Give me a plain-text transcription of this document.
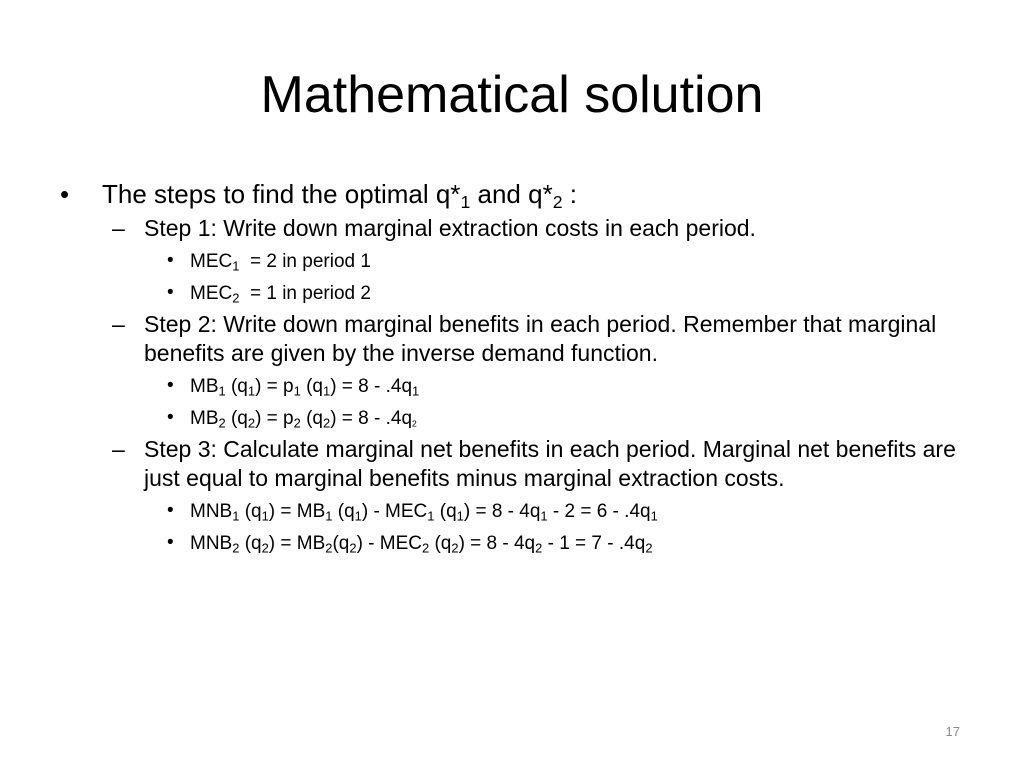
Mathematical solution
• The steps to find the optimal $q*_1$ and $q*_2$ :
– Step 1: Write down marginal extraction costs in each period.
• $MEC_1 = 2$ in period 1
• $MEC_2 = 1$ in period 2
– Step 2: Write down marginal benefits in each period. Remember that marginal benefits are given by the inverse demand function.
• $MB_1$ $(q_1) = p_1$ $(q_1) = 8 - .4q_1$
• $MB_2$ $(q_2) = p_2$ $(q_2) = 8 - .4q_2$
– Step 3: Calculate marginal net benefits in each period. Marginal net benefits are just equal to marginal benefits minus marginal extraction costs.
• $MNB_1$ $(q_1) = MB_1$ $(q_1) - MEC_1$ $(q_1) = 8 - 4q_1 - 2 = 6 - .4q_1$
• $MNB_2$ $(q_2) = MB_2(q_2) - MEC_2$ $(q_2) = 8 - 4q_2 - 1 = 7 - .4q_2$
17
